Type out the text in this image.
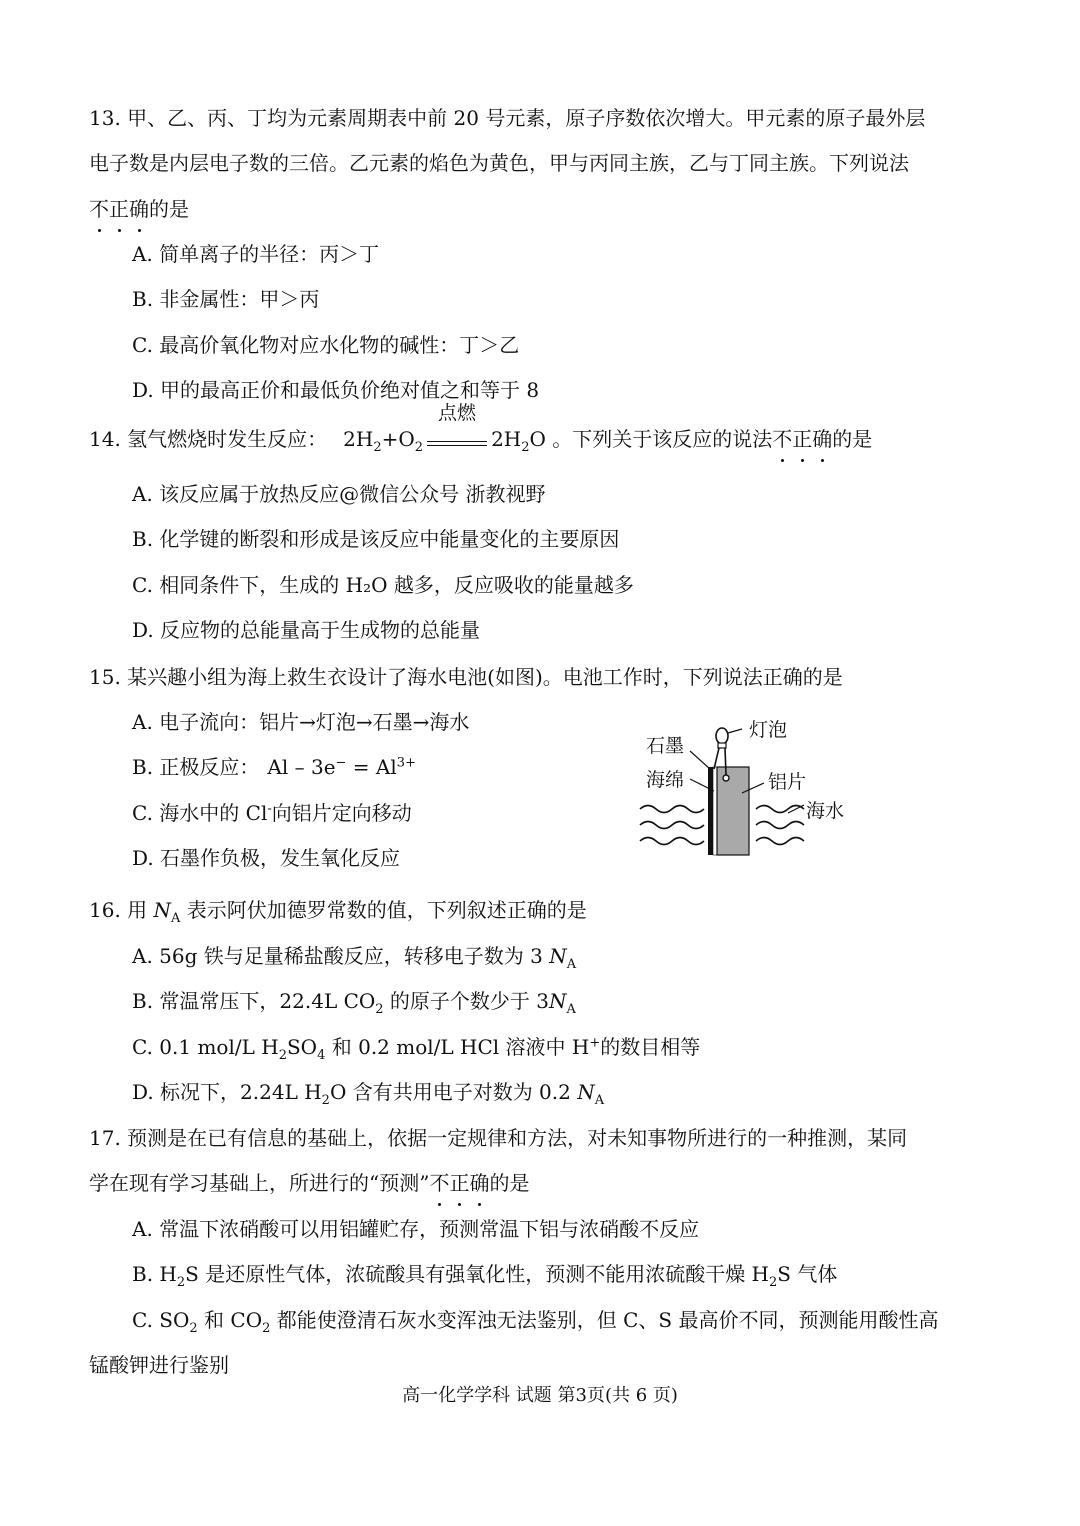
13. 甲、乙、丙、丁均为元素周期表中前 20 号元素，原子序数依次增大。甲元素的原子最外层
电子数是内层电子数的三倍。乙元素的焰色为黄色，甲与丙同主族，乙与丁同主族。下列说法
不正确的是
A. 简单离子的半径：丙＞丁
B. 非金属性：甲＞丙
C. 最高价氧化物对应水化物的碱性：丁＞乙
D. 甲的最高正价和最低负价绝对值之和等于 8
14. 氢气燃烧时发生反应： $2H_2+O_2$
点燃
$2H_2O$ 。下列关于该反应的说法不正确的是
A. 该反应属于放热反应@微信公众号 浙教视野
B. 化学键的断裂和形成是该反应中能量变化的主要原因
C. 相同条件下，生成的 H₂O 越多，反应吸收的能量越多
D. 反应物的总能量高于生成物的总能量
15. 某兴趣小组为海上救生衣设计了海水电池(如图)。电池工作时，下列说法正确的是
A. 电子流向：铝片→灯泡→石墨→海水
B. 正极反应： $Al - 3e^- = Al^{3+}$
C. 海水中的 Cl-向铝片定向移动
D. 石墨作负极，发生氧化反应
灯泡
石墨
海绵	铝片
海水
16. 用 $N_A$ 表示阿伏加德罗常数的值，下列叙述正确的是
A. 56g 铁与足量稀盐酸反应，转移电子数为 3 $N_A$
B. 常温常压下，22.4L $CO_2$ 的原子个数少于 $3N_A$
C. 0.1 mol/L $H_2SO_4$ 和 0.2 mol/L HCl 溶液中 H+的数目相等
D. 标况下，2.24L $H_2O$ 含有共用电子对数为 0.2 $N_A$
17. 预测是在已有信息的基础上，依据一定规律和方法，对未知事物所进行的一种推测，某同
学在现有学习基础上，所进行的“预测”不正确的是
A. 常温下浓硝酸可以用铝罐贮存，预测常温下铝与浓硝酸不反应
B. $H_2S$ 是还原性气体，浓硫酸具有强氧化性，预测不能用浓硫酸干燥 $H_2S$ 气体
C. $SO_2$ 和 $CO_2$ 都能使澄清石灰水变浑浊无法鉴别，但 C、S 最高价不同，预测能用酸性高
锰酸钾进行鉴别
高一化学学科 试题 第3页(共 6 页)
